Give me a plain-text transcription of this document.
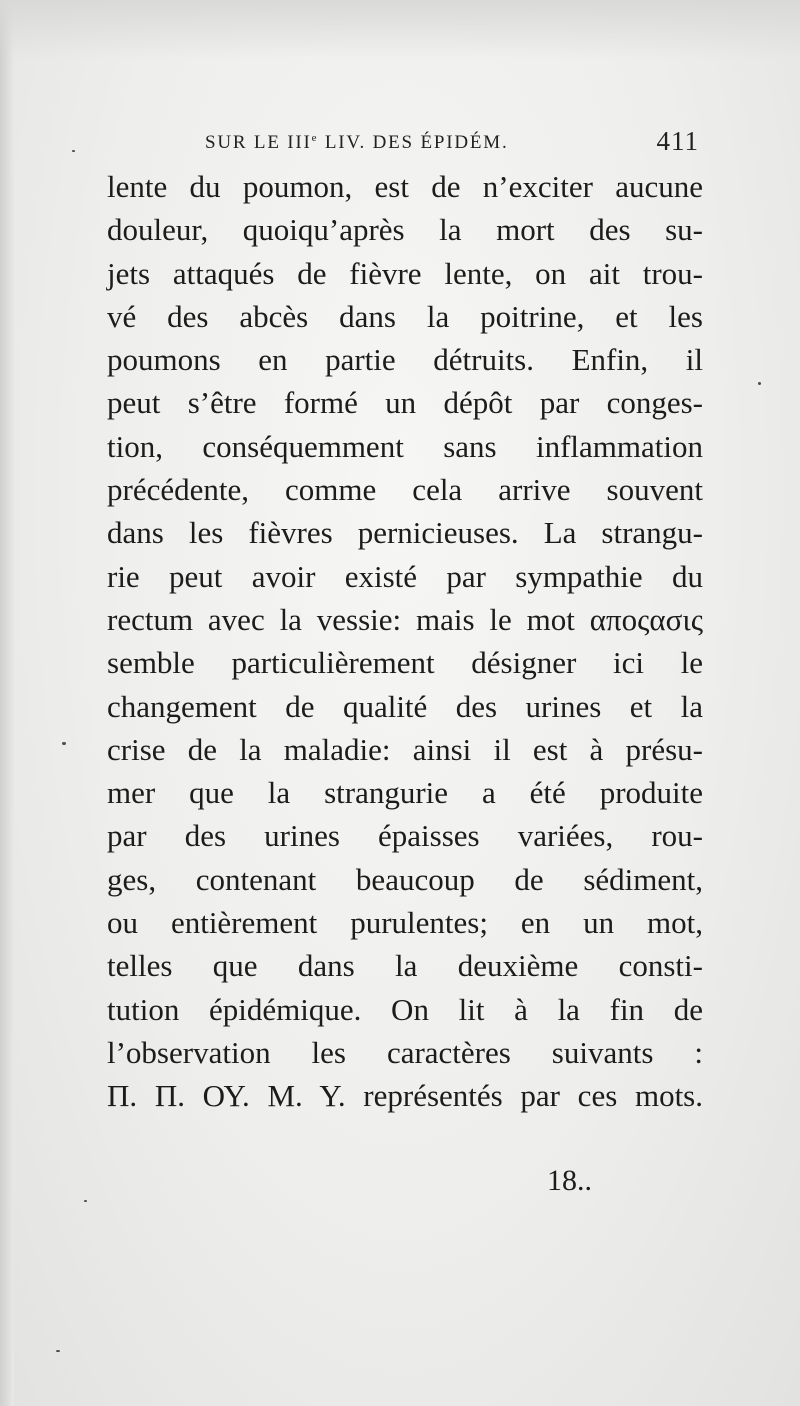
SUR LE IIIe LIV. DES ÉPIDÉM.	411
lente du poumon, est de n’exciter aucune
douleur, quoiqu’après la mort des su-
jets attaqués de fièvre lente, on ait trou-
vé des abcès dans la poitrine, et les
poumons en partie détruits. Enfin, il
peut s’être formé un dépôt par conges-
tion, conséquemment sans inflammation
précédente, comme cela arrive souvent
dans les fièvres pernicieuses. La strangu-
rie peut avoir existé par sympathie du
rectum avec la vessie: mais le mot αποςασις
semble particulièrement désigner ici le
changement de qualité des urines et la
crise de la maladie: ainsi il est à présu-
mer que la strangurie a été produite
par des urines épaisses variées, rou-
ges, contenant beaucoup de sédiment,
ou entièrement purulentes; en un mot,
telles que dans la deuxième consti-
tution épidémique. On lit à la fin de
l’observation les caractères suivants :
Π. Π. ΟΥ. Μ. Υ. représentés par ces mots.
18..
